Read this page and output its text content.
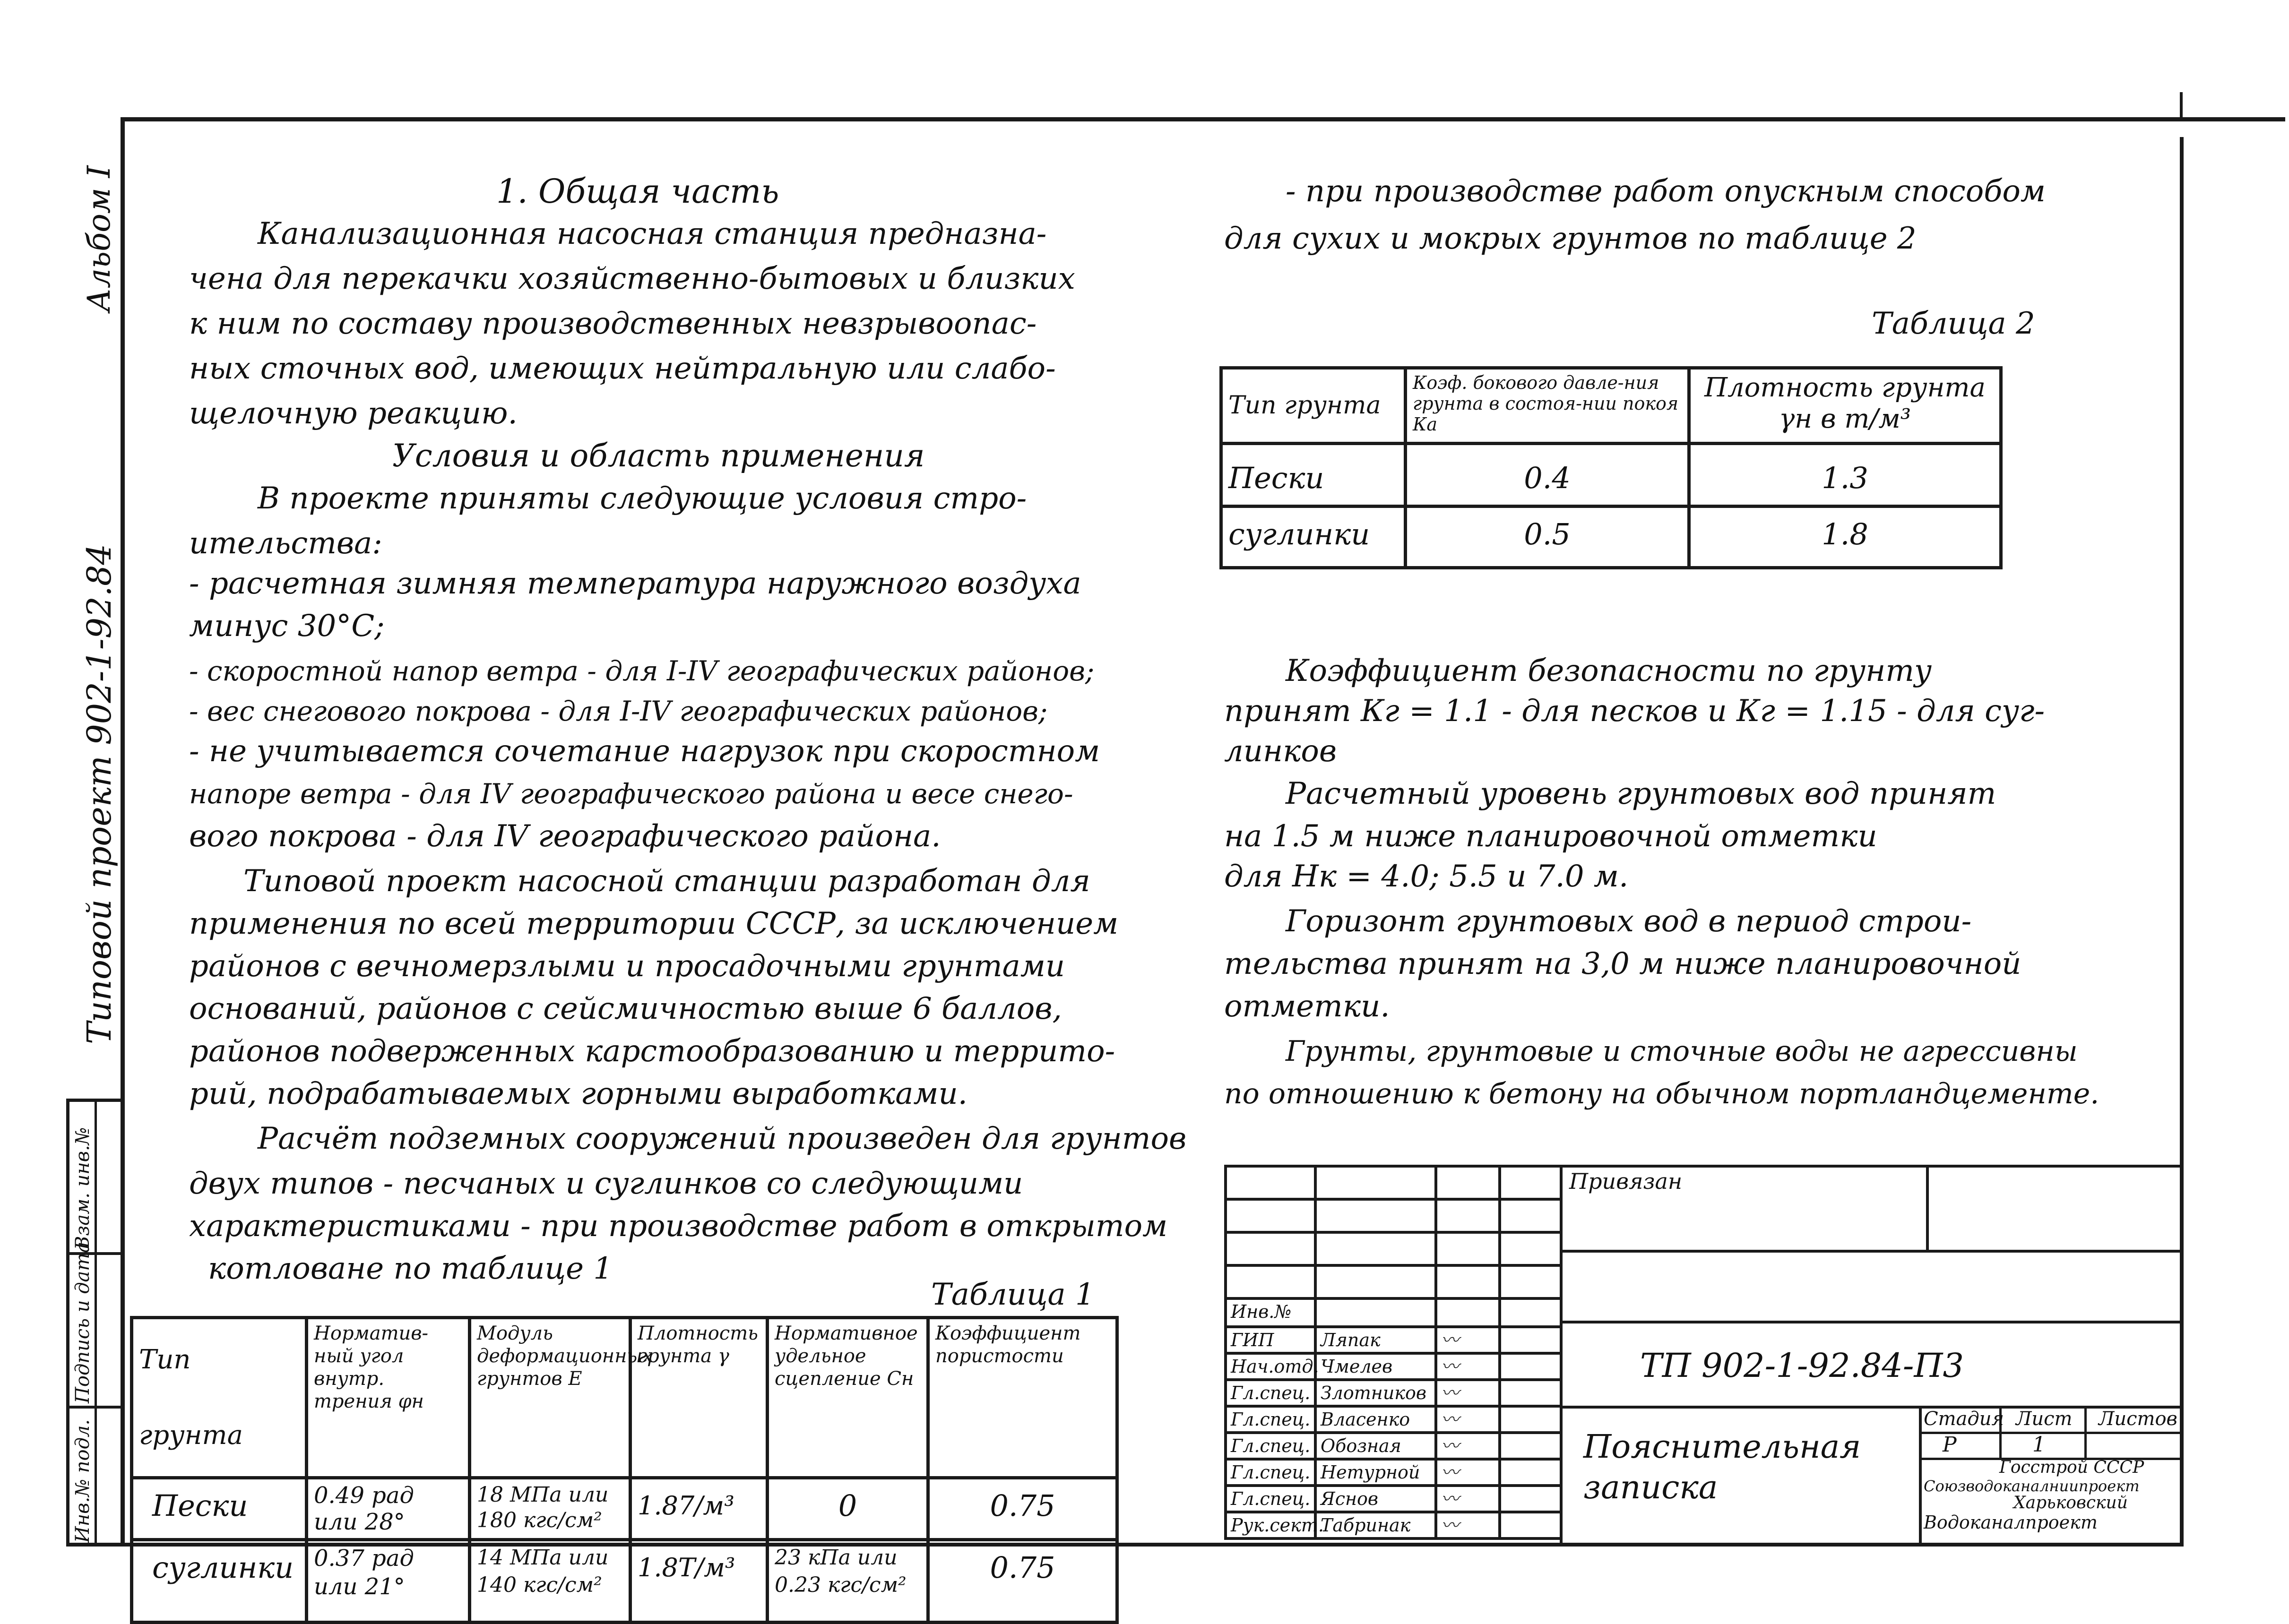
Типовой проект 902-1-92.84
Альбом I
Инв.№ подл.
Подпись и дата
Взам. инв.№
1. Общая часть
Канализационная насосная станция предназна-
чена для перекачки хозяйственно-бытовых и близких
к ним по составу производственных невзрывоопас-
ных сточных вод, имеющих нейтральную или слабо-
щелочную реакцию.
Условия и область применения
В проекте приняты следующие условия стро-
ительства:
- расчетная зимняя температура наружного воздуха
минус 30°С;
- скоростной напор ветра - для I-IV географических районов;
- вес снегового покрова - для I-IV географических районов;
- не учитывается сочетание нагрузок при скоростном
напоре ветра - для IV географического района и весе снего-
вого покрова - для IV географического района.
Типовой проект насосной станции разработан для
применения по всей территории СССР, за исключением
районов с вечномерзлыми и просадочными грунтами
оснований, районов с сейсмичностью выше 6 баллов,
районов подверженных карстообразованию и террито-
рий, подрабатываемых горными выработками.
Расчёт подземных сооружений произведен для грунтов
двух типов - песчаных и суглинков со следующими
характеристиками - при производстве работ в открытом
котловане по таблице 1
Таблица 1
Тип грунта	Норматив-ный угол внутр. трения φн	Модуль деформационных грунтов Е	Плотность грунта γ	Нормативное удельное сцепление Сн	Коэффициент пористости
Пески	0.49 рад или 28°	18 МПа или 180 кгс/см²	1.87/м³	0	0.75
суглинки	0.37 рад или 21°	14 МПа или 140 кгс/см²	1.8Т/м³	23 кПа или 0.23 кгс/см²	0.75
- при производстве работ опускным способом
для сухих и мокрых грунтов по таблице 2
Таблица 2
Тип грунта	Коэф. бокового давле-ния грунта в состоя-нии покоя Ка	Плотность грунта γн в т/м³
Пески	0.4	1.3
суглинки	0.5	1.8
Коэффициент безопасности по грунту
принят Кг = 1.1 - для песков и Кг = 1.15 - для суг-
линков
Расчетный уровень грунтовых вод принят
на 1.5 м ниже планировочной отметки
для Нк = 4.0; 5.5 и 7.0 м.
Горизонт грунтовых вод в период строи-
тельства принят на 3,0 м ниже планировочной
отметки.
Грунты, грунтовые и сточные воды не агрессивны
по отношению к бетону на обычном портландцементе.

Инв.№			
ГИП	Ляпак	〰	
Нач.отд.	Чмелев	〰	
Гл.спец.	Злотников	〰	
Гл.спец.	Власенко	〰	
Гл.спец.	Обозная	〰	
Гл.спец.	Нетурной	〰	
Гл.спец.	Яснов	〰	
Рук.сект.	Табринак	〰	
Привязан
ТП 902-1-92.84-П3
Пояснительная записка
Стадия Лист Листов
Р	1
Госстрой СССР
Союзводоканалниипроект
Харьковский
Водоканалпроект
